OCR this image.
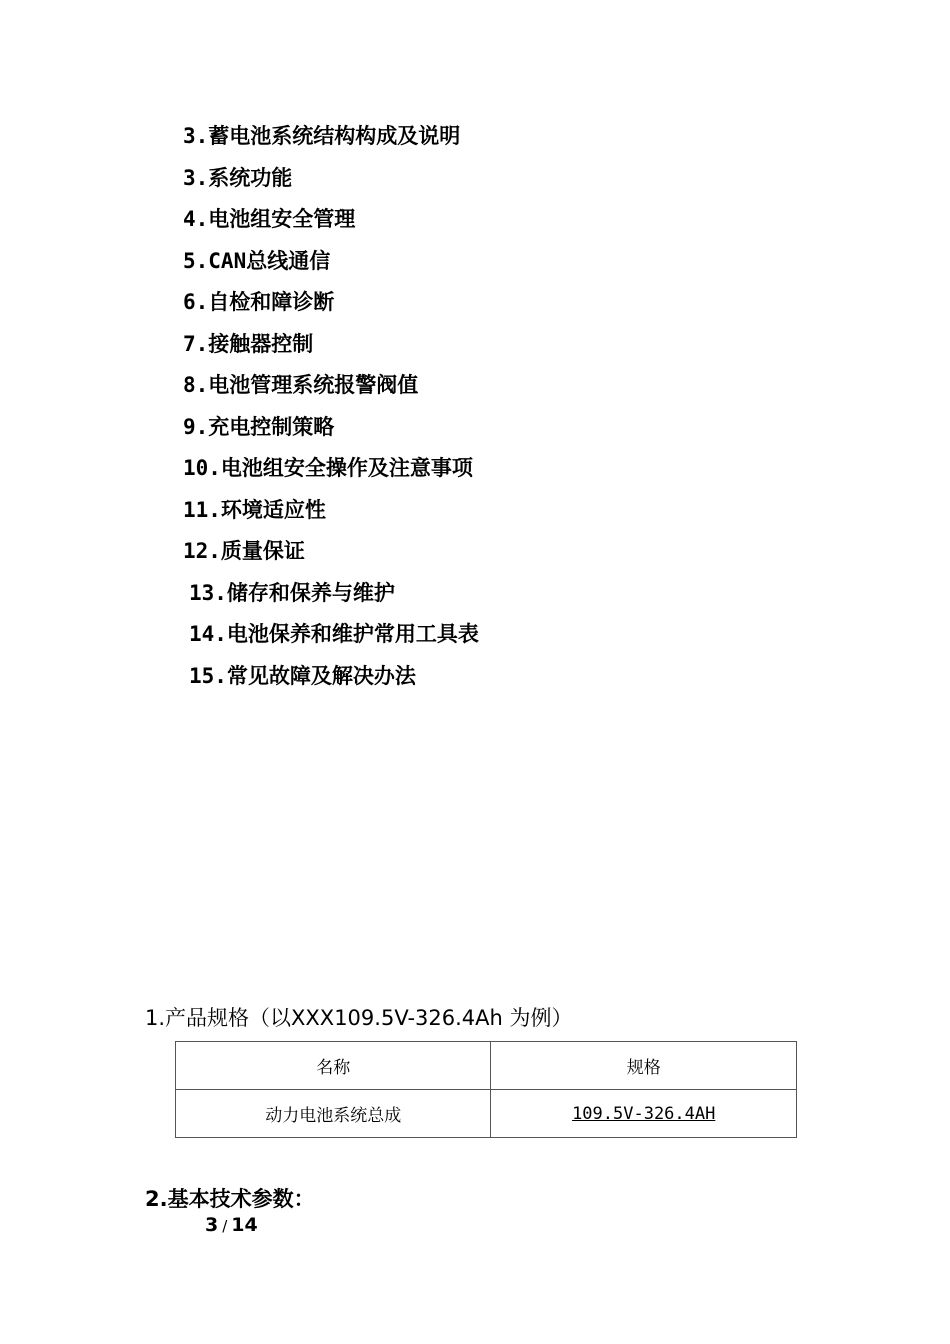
3.蓄电池系统结构构成及说明
3.系统功能
4.电池组安全管理
5.CAN总线通信
6.自检和障诊断
7.接触器控制
8.电池管理系统报警阀值
9.充电控制策略
10.电池组安全操作及注意事项
11.环境适应性
12.质量保证
13.储存和保养与维护
14.电池保养和维护常用工具表
15.常见故障及解决办法
1.产品规格（以XXX109.5V-326.4Ah 为例）
名称	规格
动力电池系统总成	109.5V-326.4AH
2.基本技术参数：
3 / 14
